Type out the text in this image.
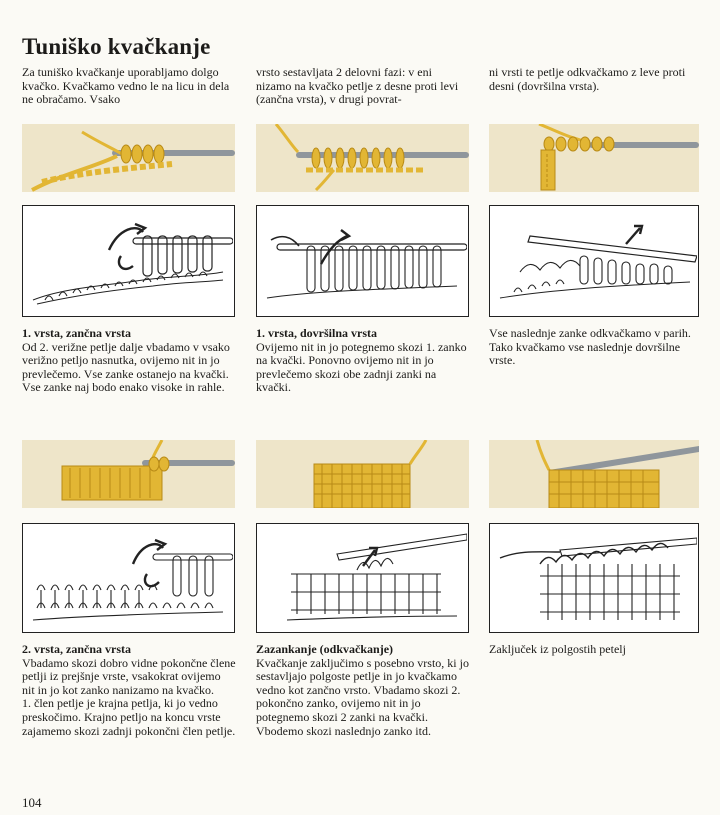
Tuniško kvačkanje

Za tuniško kvačkanje uporabljamo dolgo kvačko. Kvačkamo vedno le na licu in dela ne obračamo. Vsako

vrsto sestavljata 2 delovni fazi: v eni nizamo na kvačko petlje z desne proti levi (zančna vrsta), v drugi povrat-

ni vrsti te petlje odkvačkamo z leve proti desni (dovršilna vrsta).

1. vrsta, zančna vrsta

Od 2. verižne petlje dalje vbadamo v vsako verižno petljo nasnutka, ovijemo nit in jo prevlečemo. Vse zanke ostanejo na kvački. Vse zanke naj bodo enako visoke in rahle.

1. vrsta, dovršilna vrsta

Ovijemo nit in jo potegnemo skozi 1. zanko na kvački. Ponovno ovijemo nit in jo prevlečemo skozi obe zadnji zanki na kvački.

Vse naslednje zanke odkvačkamo v parih. Tako kvačkamo vse naslednje dovršilne vrste.

2. vrsta, zančna vrsta

Vbadamo skozi dobro vidne pokončne člene petlji iz prejšnje vrste, vsakokrat ovijemo nit in jo kot zanko nanizamo na kvačko.

1. člen petlje je krajna petlja, ki jo vedno preskočimo. Krajno petljo na koncu vrste zajamemo skozi zadnji pokončni člen petlje.

Zazankanje (odkvačkanje)

Kvačkanje zaključimo s posebno vrsto, ki jo sestavljajo polgoste petlje in jo kvačkamo vedno kot zančno vrsto. Vbadamo skozi 2. pokončno zanko, ovijemo nit in jo potegnemo skozi 2 zanki na kvački. Vbodemo skozi naslednjo zanko itd.

Zaključek iz polgostih petelj

104
